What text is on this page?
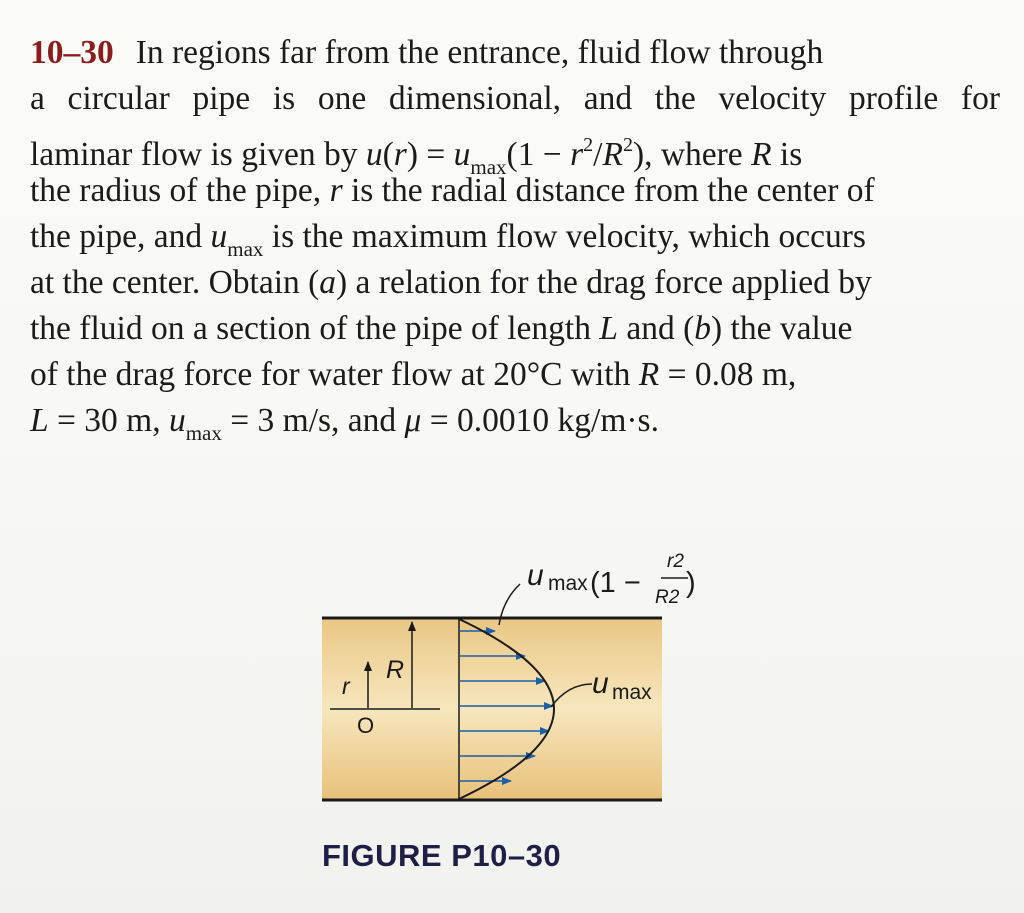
10–30 In regions far from the entrance, fluid flow through
a circular pipe is one dimensional, and the velocity profile for
laminar flow is given by $u(r) = u_{max}(1 - r^2/R^2)$, where R is
the radius of the pipe, r is the radial distance from the center of
the pipe, and $u_{max}$ is the maximum flow velocity, which occurs
at the center. Obtain (a) a relation for the drag force applied by
the fluid on a section of the pipe of length L and (b) the value
of the drag force for water flow at 20°C with R = 0.08 m,
L = 30 m, $u_{max} = 3$ m/s, and μ = 0.0010 kg/m·s.
u max (1 −
r2
R2 )
u max
R
r
O
FIGURE P10–30
